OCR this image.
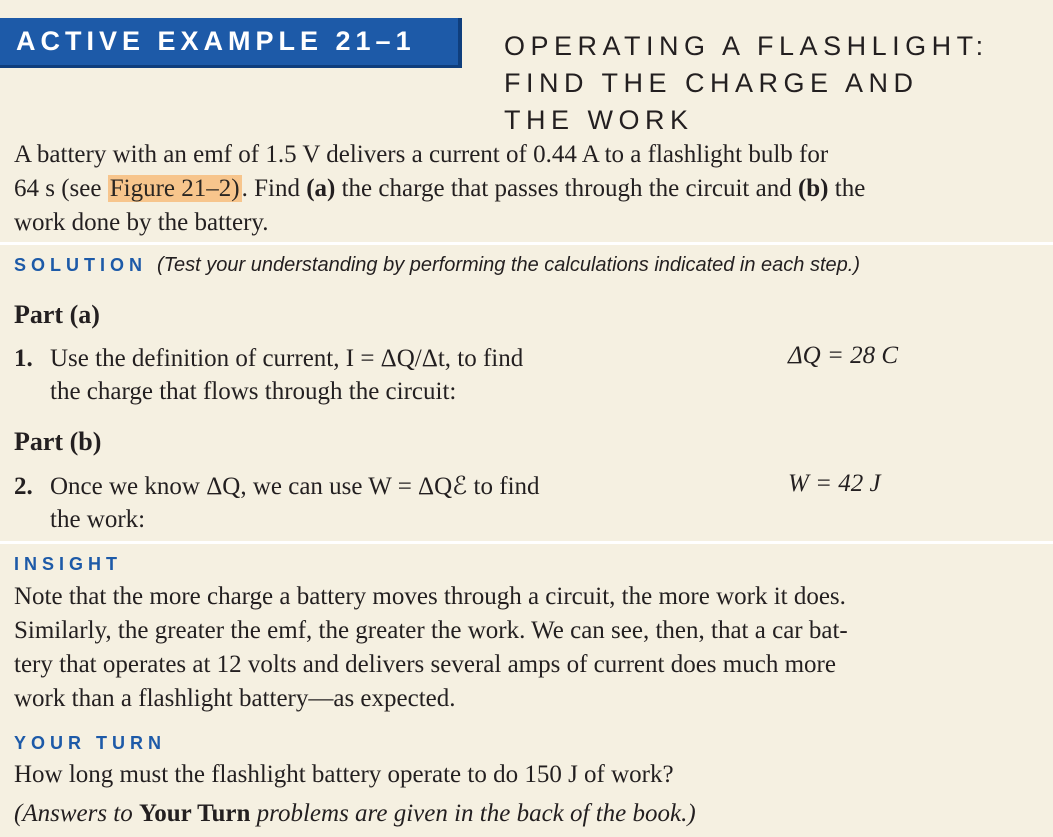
ACTIVE EXAMPLE 21–1	OPERATING A FLASHLIGHT:
FIND THE CHARGE AND
THE WORK
A battery with an emf of 1.5 V delivers a current of 0.44 A to a flashlight bulb for
64 s (see Figure 21–2). Find (a) the charge that passes through the circuit and (b) the
work done by the battery.
SOLUTION (Test your understanding by performing the calculations indicated in each step.)
Part (a)
1. Use the definition of current, I = ΔQ/Δt, to find
the charge that flows through the circuit:
ΔQ = 28 C
Part (b)
2. Once we know ΔQ, we can use W = ΔQℰ to find
the work:
W = 42 J
INSIGHT
Note that the more charge a battery moves through a circuit, the more work it does.
Similarly, the greater the emf, the greater the work. We can see, then, that a car bat-
tery that operates at 12 volts and delivers several amps of current does much more
work than a flashlight battery—as expected.
YOUR TURN
How long must the flashlight battery operate to do 150 J of work?
(Answers to Your Turn problems are given in the back of the book.)
